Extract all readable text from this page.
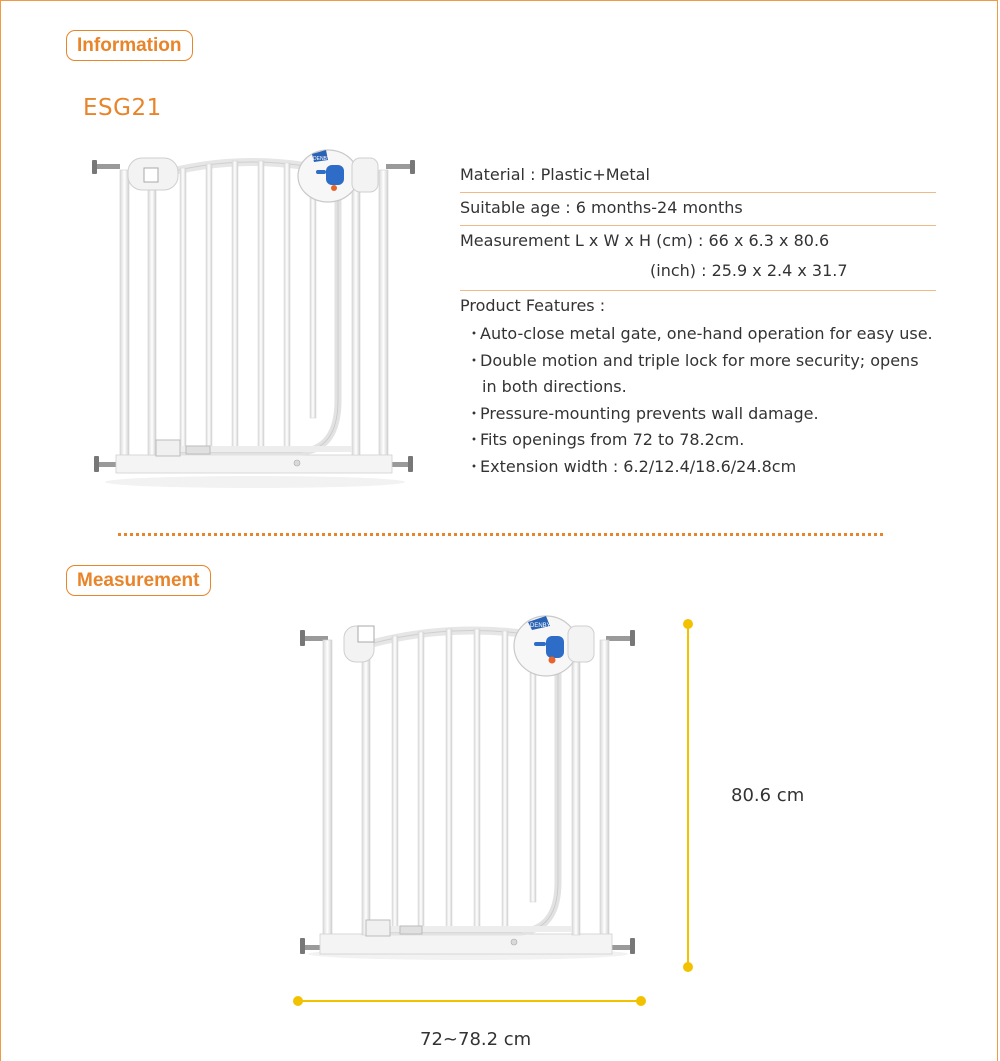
Information
ESG21
DENBY
Material : Plastic+Metal
Suitable age : 6 months-24 months
Measurement L x W x H (cm) : 66 x 6.3 x 80.6
(inch) : 25.9 x 2.4 x 31.7
Product Features :
・
Auto-close metal gate, one-hand operation for easy use.
・
Double motion and triple lock for more security; opens
in both directions.
・
Pressure-mounting prevents wall damage.
・
Fits openings from 72 to 78.2cm.
・
Extension width : 6.2/12.4/18.6/24.8cm
Measurement
DENBY
80.6 cm
72~78.2 cm
